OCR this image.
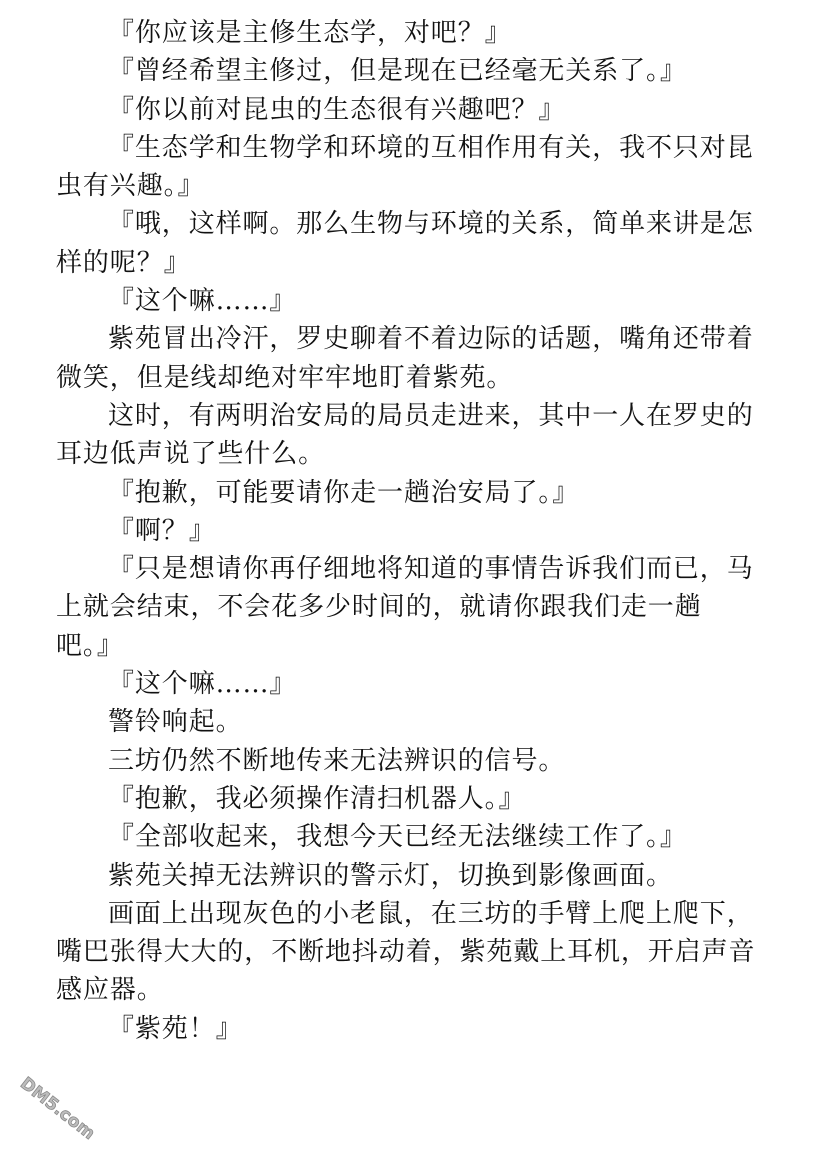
『你应该是主修生态学，对吧？』

『曾经希望主修过，但是现在已经毫无关系了。』

『你以前对昆虫的生态很有兴趣吧？』

『生态学和生物学和环境的互相作用有关，我不只对昆虫有兴趣。』

『哦，这样啊。那么生物与环境的关系，简单来讲是怎样的呢？』

『这个嘛……』

紫苑冒出冷汗，罗史聊着不着边际的话题，嘴角还带着微笑，但是线却绝对牢牢地盯着紫苑。

这时，有两明治安局的局员走进来，其中一人在罗史的耳边低声说了些什么。

『抱歉，可能要请你走一趟治安局了。』

『啊？』

『只是想请你再仔细地将知道的事情告诉我们而已，马上就会结束，不会花多少时间的，就请你跟我们走一趟吧。』

『这个嘛……』

警铃响起。

三坊仍然不断地传来无法辨识的信号。

『抱歉，我必须操作清扫机器人。』

『全部收起来，我想今天已经无法继续工作了。』

紫苑关掉无法辨识的警示灯，切换到影像画面。

画面上出现灰色的小老鼠，在三坊的手臂上爬上爬下，嘴巴张得大大的，不断地抖动着，紫苑戴上耳机，开启声音感应器。

『紫苑！』

DM5.com
